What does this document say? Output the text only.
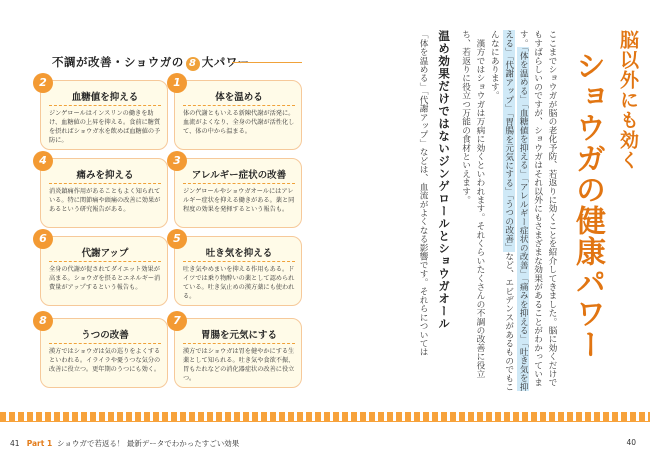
不調が改善・ショウガの 8 大パワー
2
血糖値を抑える
ジンゲロールはインスリンの働きを助け、血糖値の上昇を抑える。食前に糖質を摂ればショウガ水を飲めば血糖値の予防に。
1
体を温める
体の代謝ともいえる新陳代謝が活発に。血流がよくなり、全身の代謝が活性化して、体の中から温まる。
4
痛みを抑える
消炎鎮痛作用があることもよく知られている。特に関節痛や頭痛の改善に効果があるという研究報告がある。
3
アレルギー症状の改善
ジンゲロールやショウガオールにはアレルギー症状を抑える働きがある。薬と同程度の効果を発揮するという報告も。
6
代謝アップ
全身の代謝が促されてダイエット効果が高まる。ショウガを摂るとエネルギー消費量がアップするという報告も。
5
吐き気を抑える
吐き気やめまいを抑える作用もある。ドイツでは乗り物酔いの薬として認められている。吐き気止めの漢方薬にも使われる。
8
うつの改善
漢方ではショウガは気の巡りをよくするといわれる。イライラや憂うつな気分の改善に役立つ。更年期のうつにも効く。
7
胃腸を元気にする
漢方ではショウガは胃を健やかにする生薬として知られる。吐き気や食欲不振、胃もたれなどの消化器症状の改善に役立つ。
41 Part 1 ショウガで若返る！ 最新データでわかったすごい効果
脳以外にも効く
ショウガの健康パワー
ここまでショウガが脳の老化予防、若返りに効くことを紹介してきました。脳に効くだけでもすばらしいのですが、ショウガはそれ以外にもさまざまな効果があることがわかっています。「体を温める」「血糖値を抑える」「アレルギー症状の改善」「痛みを抑える」「吐き気を抑える」「代謝アップ」「胃腸を元気にする」「うつの改善」など、エビデンスがあるものでもこんなにあります。
　漢方ではショウガは万病に効くといわれます。それくらいたくさんの不調の改善に役立ち、若返りに役立つ万能の食材といえます。
温め効果だけではないジンゲロールとショウガオール
「体を温める」「代謝アップ」などは、血流がよくなる影響です。それらについては
40
